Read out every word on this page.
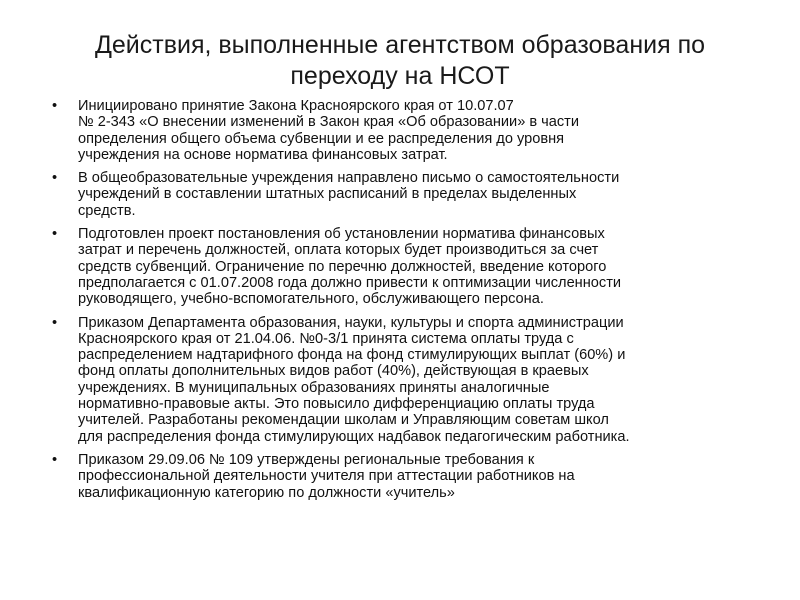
Действия, выполненные агентством образования по
переходу на НСОТ
•	Инициировано принятие Закона Красноярского края от 10.07.07
№ 2-343 «О внесении изменений в Закон края «Об образовании» в части
определения общего объема субвенции и ее распределения до уровня
учреждения на основе норматива финансовых затрат.
•	В общеобразовательные учреждения направлено письмо о самостоятельности
учреждений в составлении штатных расписаний в пределах выделенных
средств.
•	Подготовлен проект постановления об установлении норматива финансовых
затрат и перечень должностей, оплата которых будет производиться за счет
средств субвенций. Ограничение по перечню должностей, введение которого
предполагается с 01.07.2008 года должно привести к оптимизации численности
руководящего, учебно-вспомогательного, обслуживающего персона.
•	Приказом Департамента образования, науки, культуры и спорта администрации
Красноярского края от 21.04.06. №0-3/1 принята система оплаты труда с
распределением надтарифного фонда на фонд стимулирующих выплат (60%) и
фонд оплаты дополнительных видов работ (40%), действующая в краевых
учреждениях. В муниципальных образованиях приняты аналогичные
нормативно-правовые акты. Это повысило дифференциацию оплаты труда
учителей. Разработаны рекомендации школам и Управляющим советам школ
для распределения фонда стимулирующих надбавок педагогическим работника.
•	Приказом 29.09.06 № 109 утверждены региональные требования к
профессиональной деятельности учителя при аттестации работников на
квалификационную категорию по должности «учитель»
